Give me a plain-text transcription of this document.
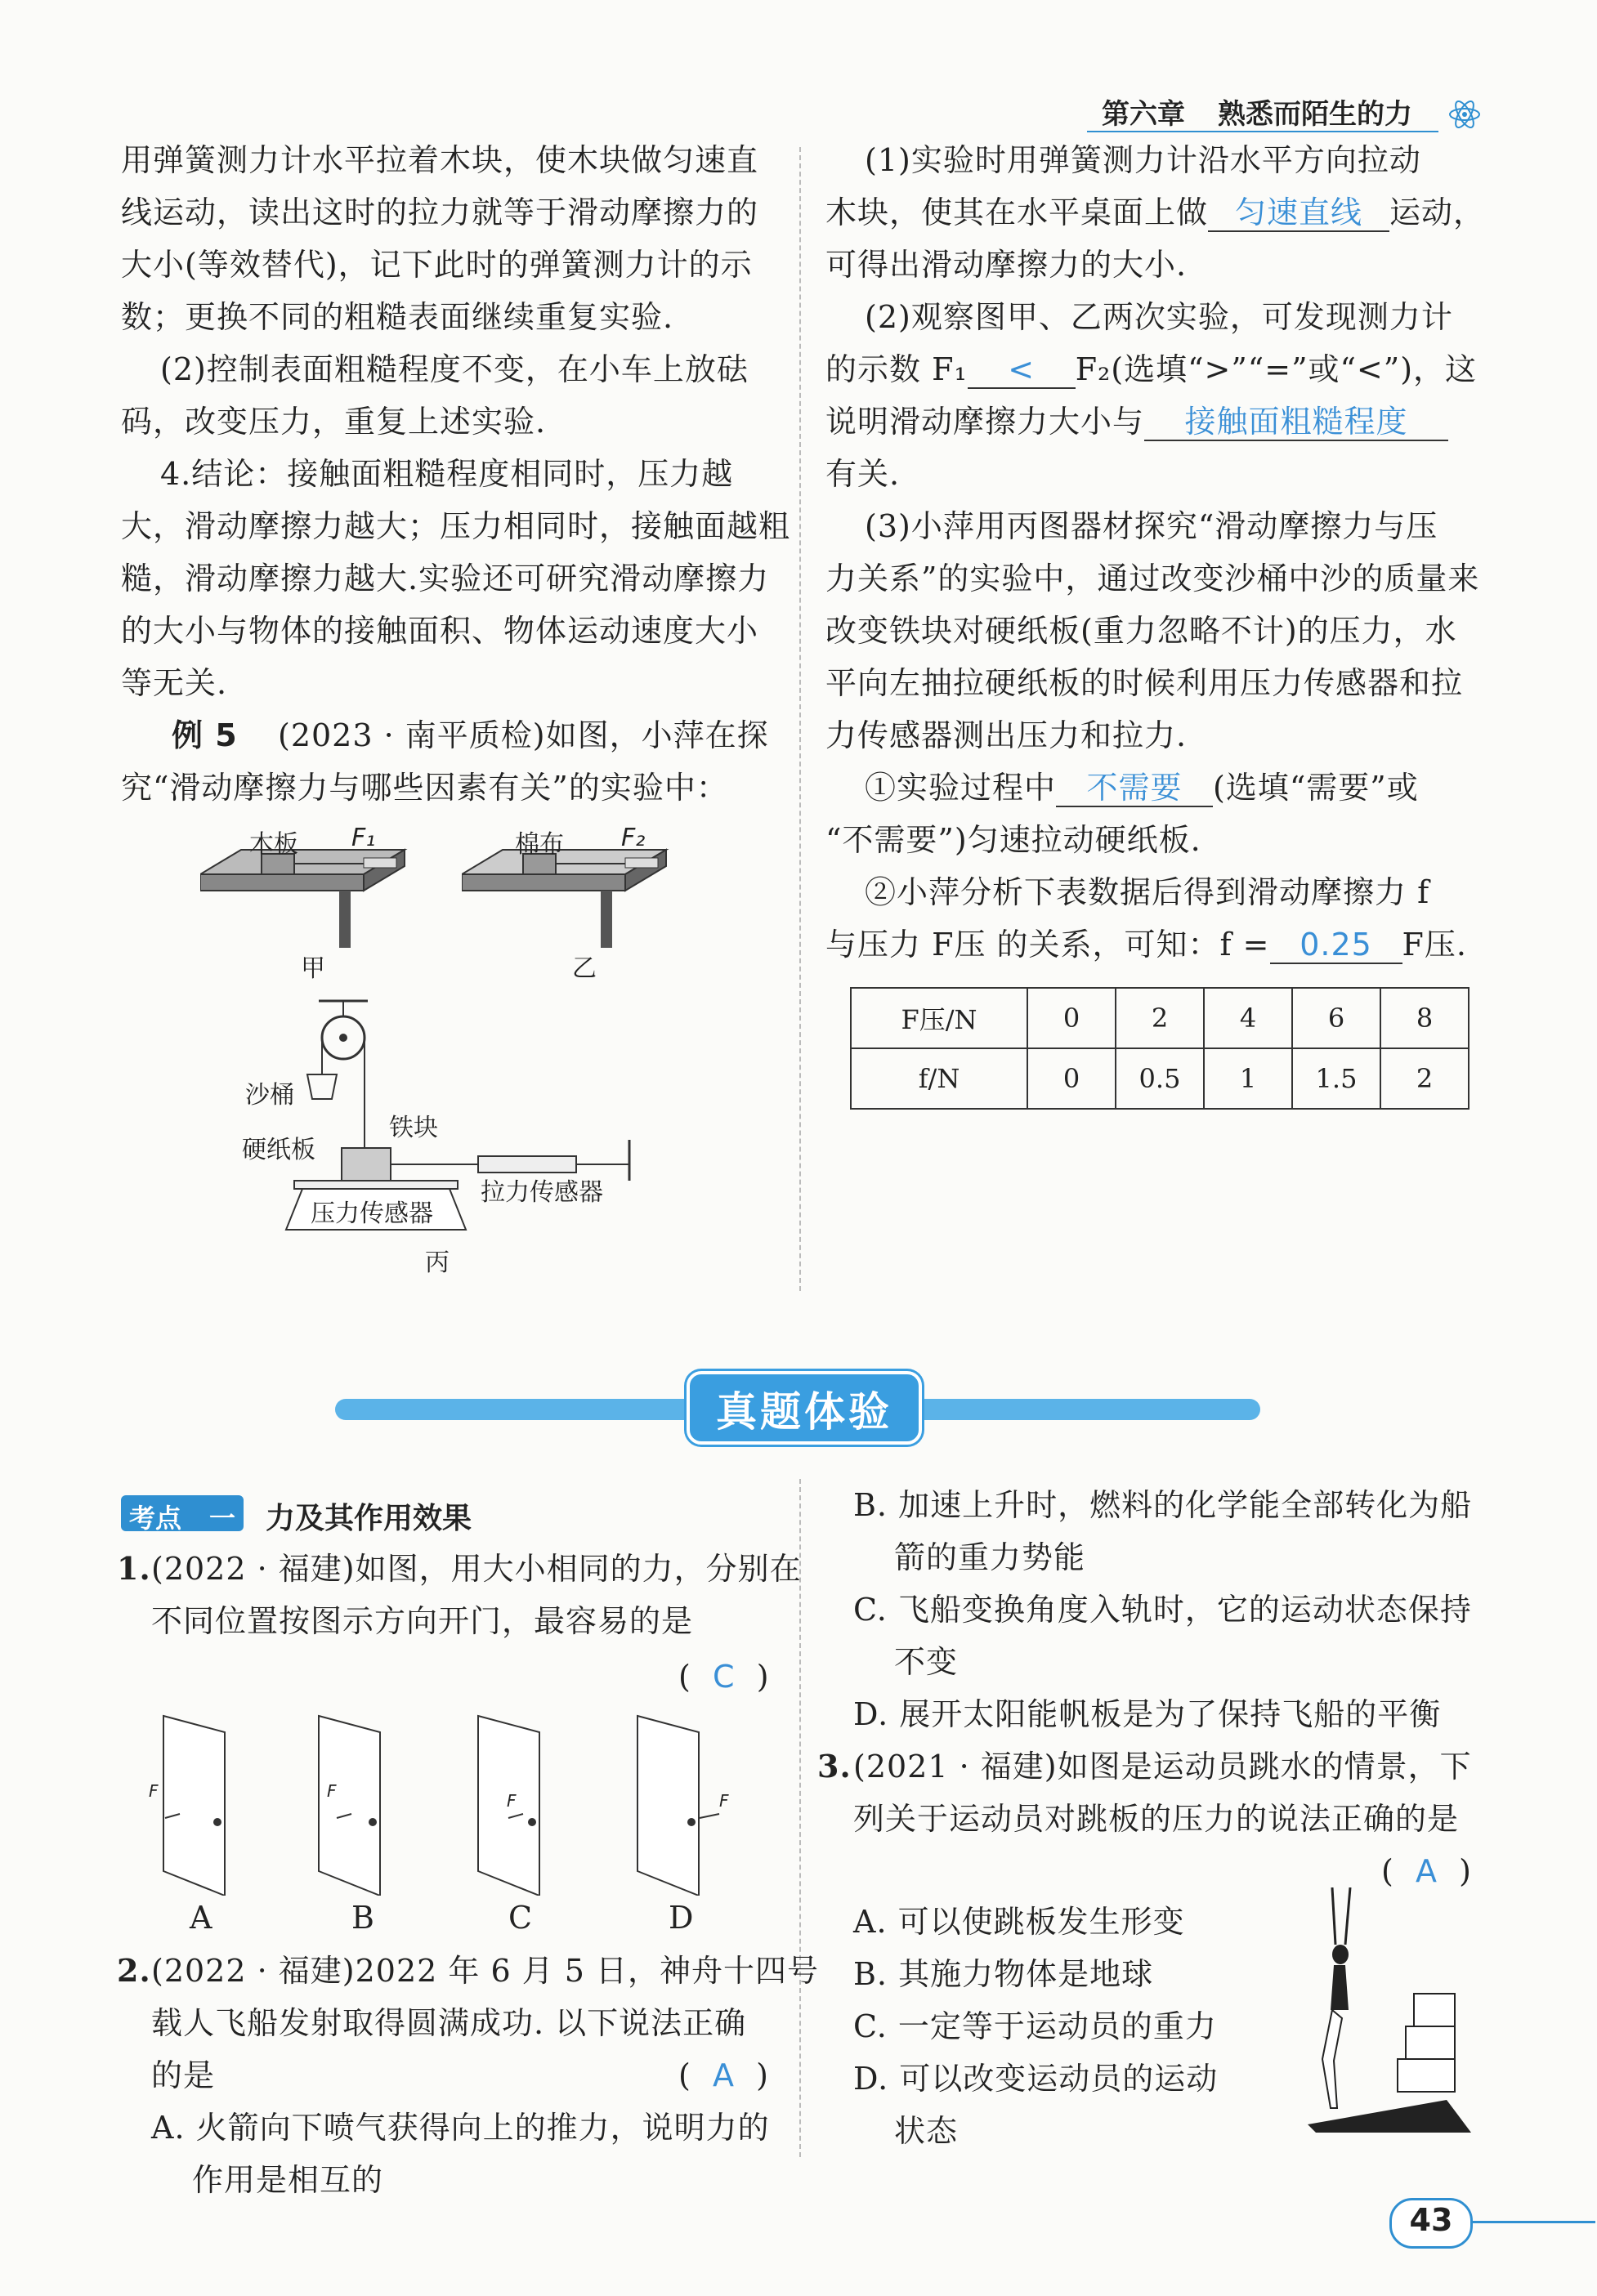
第六章 熟悉而陌生的力
用弹簧测力计水平拉着木块，使木块做匀速直
线运动，读出这时的拉力就等于滑动摩擦力的
大小(等效替代)，记下此时的弹簧测力计的示
数；更换不同的粗糙表面继续重复实验.
(2)控制表面粗糙程度不变，在小车上放砝
码，改变压力，重复上述实验.
4.结论：接触面粗糙程度相同时，压力越
大，滑动摩擦力越大；压力相同时，接触面越粗
糙，滑动摩擦力越大.实验还可研究滑动摩擦力
的大小与物体的接触面积、物体运动速度大小
等无关.
例 5 (2023 · 南平质检)如图，小萍在探
究“滑动摩擦力与哪些因素有关”的实验中：
木板 F₁
甲
棉布 F₂
乙
沙桶
铁块
硬纸板
压力传感器
拉力传感器
丙
(1)实验时用弹簧测力计沿水平方向拉动
木块，使其在水平桌面上做 匀速直线 运动，
可得出滑动摩擦力的大小.
(2)观察图甲、乙两次实验，可发现测力计
的示数 F₁ < F₂(选填“>”“=”或“<”)，这
说明滑动摩擦力大小与 接触面粗糙程度
有关.
(3)小萍用丙图器材探究“滑动摩擦力与压
力关系”的实验中，通过改变沙桶中沙的质量来
改变铁块对硬纸板(重力忽略不计)的压力，水
平向左抽拉硬纸板的时候利用压力传感器和拉
力传感器测出压力和拉力.
①实验过程中 不需要 (选填“需要”或
“不需要”)匀速拉动硬纸板.
②小萍分析下表数据后得到滑动摩擦力 f
与压力 F压 的关系，可知：f = 0.25 F压.
F压/N	0	2	4	6	8
f/N	0	0.5	1	1.5	2
真题体验
考点 一 力及其作用效果
1. (2022 · 福建)如图，用大小相同的力，分别在
不同位置按图示方向开门，最容易的是
(  C  )
F	F	F	F
A	B	C	D
2. (2022 · 福建)2022 年 6 月 5 日，神舟十四号
载人飞船发射取得圆满成功. 以下说法正确
的是	(  A  )
A. 火箭向下喷气获得向上的推力，说明力的
作用是相互的
B. 加速上升时，燃料的化学能全部转化为船
箭的重力势能
C. 飞船变换角度入轨时，它的运动状态保持
不变
D. 展开太阳能帆板是为了保持飞船的平衡
3. (2021 · 福建)如图是运动员跳水的情景，下
列关于运动员对跳板的压力的说法正确的是
(  A  )
A. 可以使跳板发生形变
B. 其施力物体是地球
C. 一定等于运动员的重力
D. 可以改变运动员的运动
状态
43
